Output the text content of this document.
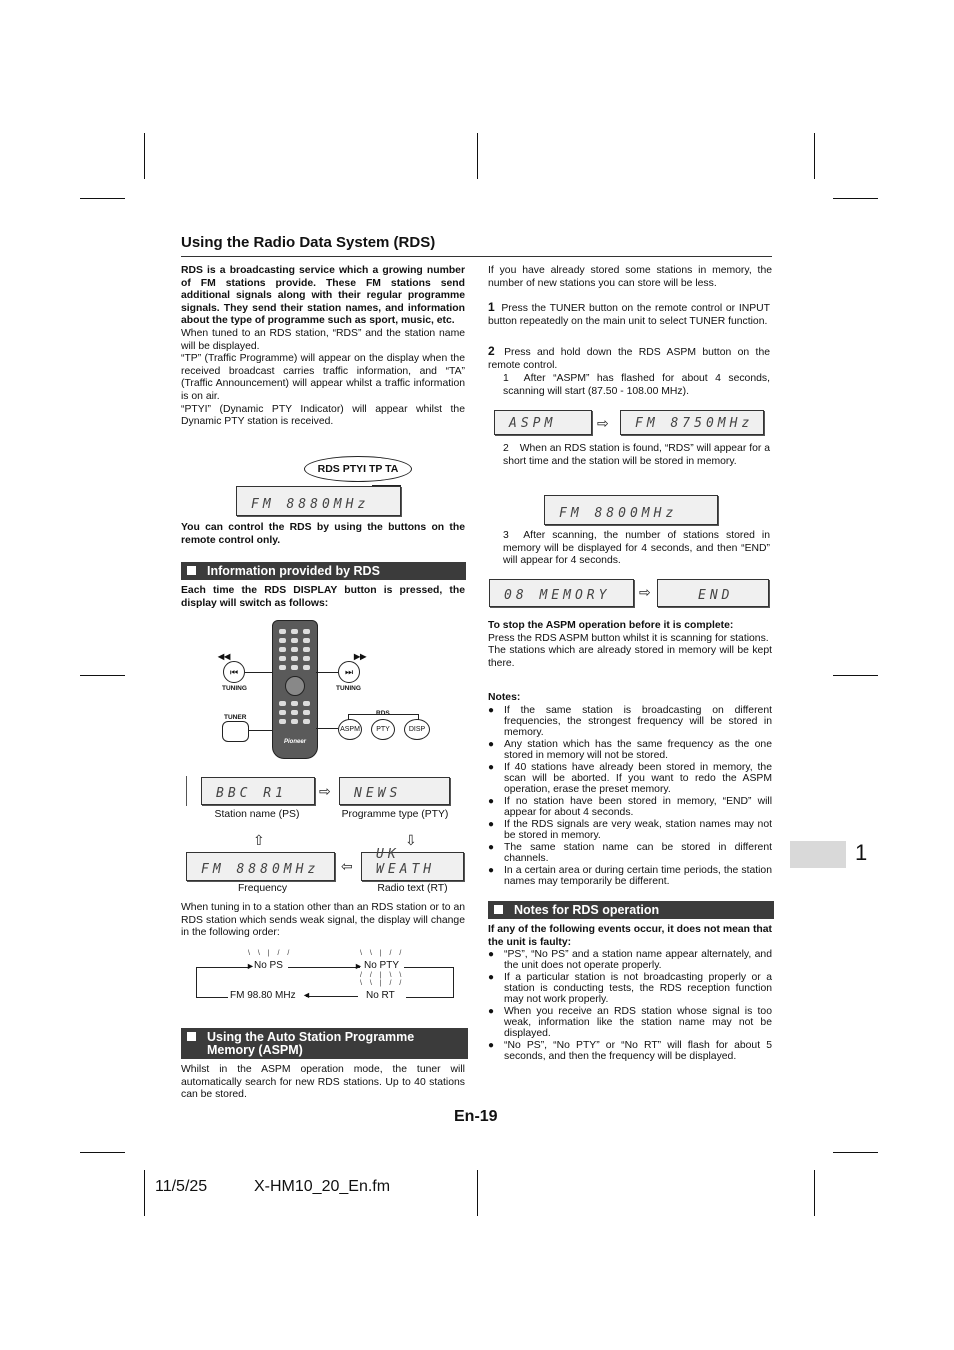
Using the Radio Data System (RDS)

RDS is a broadcasting service which a growing number of FM stations provide. These FM stations send additional signals along with their regular programme signals. They send their station names, and information about the type of programme such as sport, music, etc.

When tuned to an RDS station, “RDS” and the station name will be displayed.

“TP” (Traffic Programme) will appear on the display when the received broadcast carries traffic information, and “TA” (Traffic Announcement) will appear whilst a traffic information is on air.

“PTYI” (Dynamic PTY Indicator) will appear whilst the Dynamic PTY station is received.

RDS PTYI TP TA
FM 8880MHz
You can control the RDS by using the buttons on the remote control only.
Information provided by RDS
Each time the RDS DISPLAY button is pressed, the display will switch as follows:
Pioneer
◀◀
⏮
TUNING
▶▶
⏭
TUNING
TUNER
RDS
ASPM PTY	DISP
BBC R1 ⇨ NEWS
Station name (PS)	Programme type (PTY)
⇧	⇩
FM 8880MHz ⇦
UK WEATH
Frequency	Radio text (RT)
When tuning in to a station other than an RDS station or to an RDS station which sends weak signal, the display will change in the following order:
No PS
\ \ | / /
No PTY
\ \ | / /
/ / | \ \
No RT
\ \ | / /
FM 98.80 MHz
►
◄
►
Using the Auto Station Programme
Memory (ASPM)
Whilst in the ASPM operation mode, the tuner will automatically search for new RDS stations. Up to 40 stations can be stored.
If you have already stored some stations in memory, the number of new stations you can store will be less.
1 Press the TUNER button on the remote control or INPUT button repeatedly on the main unit to select TUNER function.
2 Press and hold down the RDS ASPM button on the remote control.
1 After “ASPM” has flashed for about 4 seconds, scanning will start (87.50 - 108.00 MHz).
ASPM	⇨ FM 8750MHz
2 When an RDS station is found, “RDS” will appear for a short time and the station will be stored in memory.
FM 8800MHz
3 After scanning, the number of stations stored in memory will be displayed for 4 seconds, and then “END” will appear for 4 seconds.
08 MEMORY ⇨	END

To stop the ASPM operation before it is complete:

Press the RDS ASPM button whilst it is scanning for stations.

The stations which are already stored in memory will be kept there.

Notes:

● If the same station is broadcasting on different frequencies, the strongest frequency will be stored in memory.
● Any station which has the same frequency as the one stored in memory will not be stored.
● If 40 stations have already been stored in memory, the scan will be aborted. If you want to redo the ASPM operation, erase the preset memory.
● If no station have been stored in memory, “END” will appear for about 4 seconds.
● If the RDS signals are very weak, station names may not be stored in memory.
● The same station name can be stored in different channels.
● In a certain area or during certain time periods, the station names may temporarily be different.
Notes for RDS operation

If any of the following events occur, it does not mean that the unit is faulty:

● “PS”, “No PS” and a station name appear alternately, and the unit does not operate properly.
● If a particular station is not broadcasting properly or a station is conducting tests, the RDS reception function may not work properly.
● When you receive an RDS station whose signal is too weak, information like the station name may not be displayed.
● “No PS”, “No PTY” or “No RT” will flash for about 5 seconds, and then the frequency will be displayed.
1
En-19
11/5/25	X-HM10_20_En.fm
